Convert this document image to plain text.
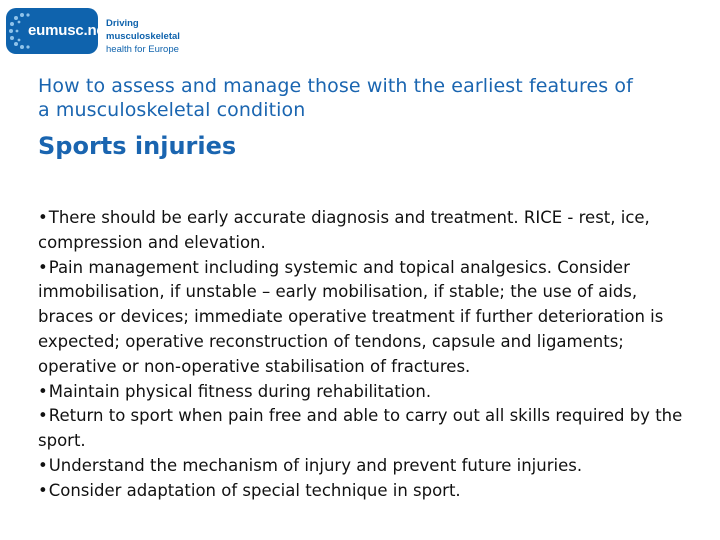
eumusc.net
Driving musculoskeletal
health for Europe
How to assess and manage those with the earliest features of a musculoskeletal condition
Sports injuries

•There should be early accurate diagnosis and treatment. RICE - rest, ice, compression and elevation.

•Pain management including systemic and topical analgesics. Consider immobilisation, if unstable – early mobilisation, if stable; the use of aids, braces or devices; immediate operative treatment if further deterioration is expected; operative reconstruction of tendons, capsule and ligaments; operative or non-operative stabilisation of fractures.

•Maintain physical fitness during rehabilitation.

•Return to sport when pain free and able to carry out all skills required by the sport.

•Understand the mechanism of injury and prevent future injuries.

•Consider adaptation of special technique in sport.
